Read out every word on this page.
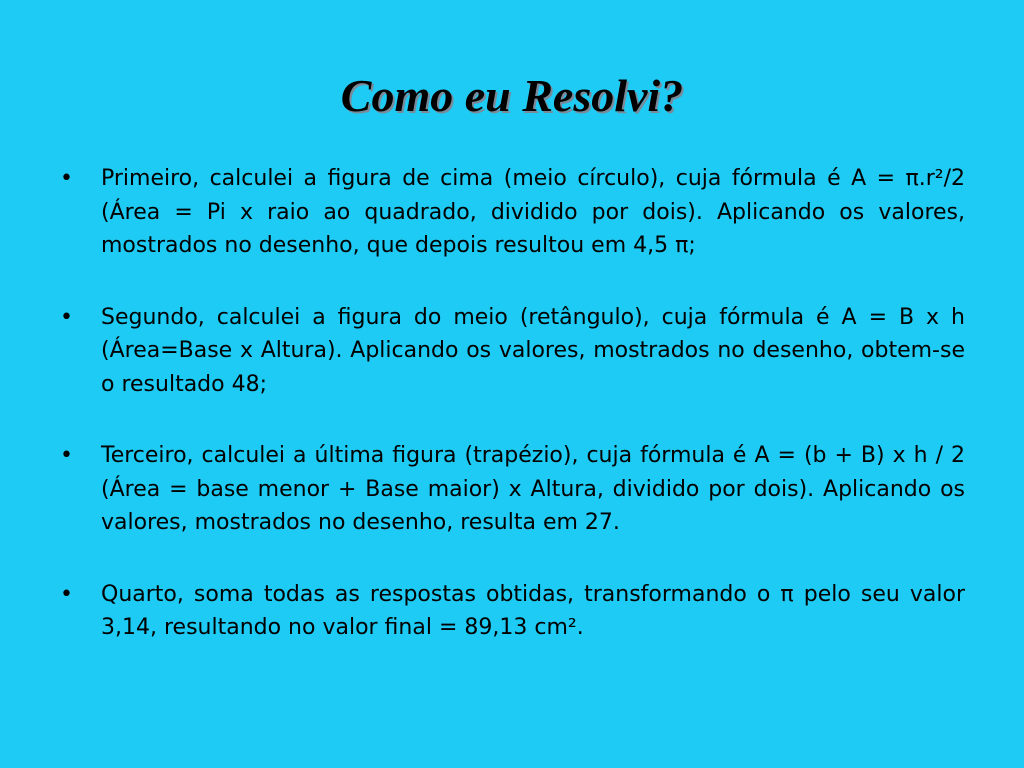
Como eu Resolvi?
•	Primeiro, calculei a figura de cima (meio círculo), cuja fórmula é A = π.r²/2 (Área = Pi x raio ao quadrado, dividido por dois). Aplicando os valores, mostrados no desenho, que depois resultou em 4,5 π;
•	Segundo, calculei a figura do meio (retângulo), cuja fórmula é A = B x h (Área=Base x Altura). Aplicando os valores, mostrados no desenho, obtem-se o resultado 48;
•	Terceiro, calculei a última figura (trapézio), cuja fórmula é A = (b + B) x h / 2 (Área = base menor + Base maior) x Altura, dividido por dois). Aplicando os valores, mostrados no desenho, resulta em 27.
•	Quarto, soma todas as respostas obtidas, transformando o π pelo seu valor 3,14, resultando no valor final = 89,13 cm².
